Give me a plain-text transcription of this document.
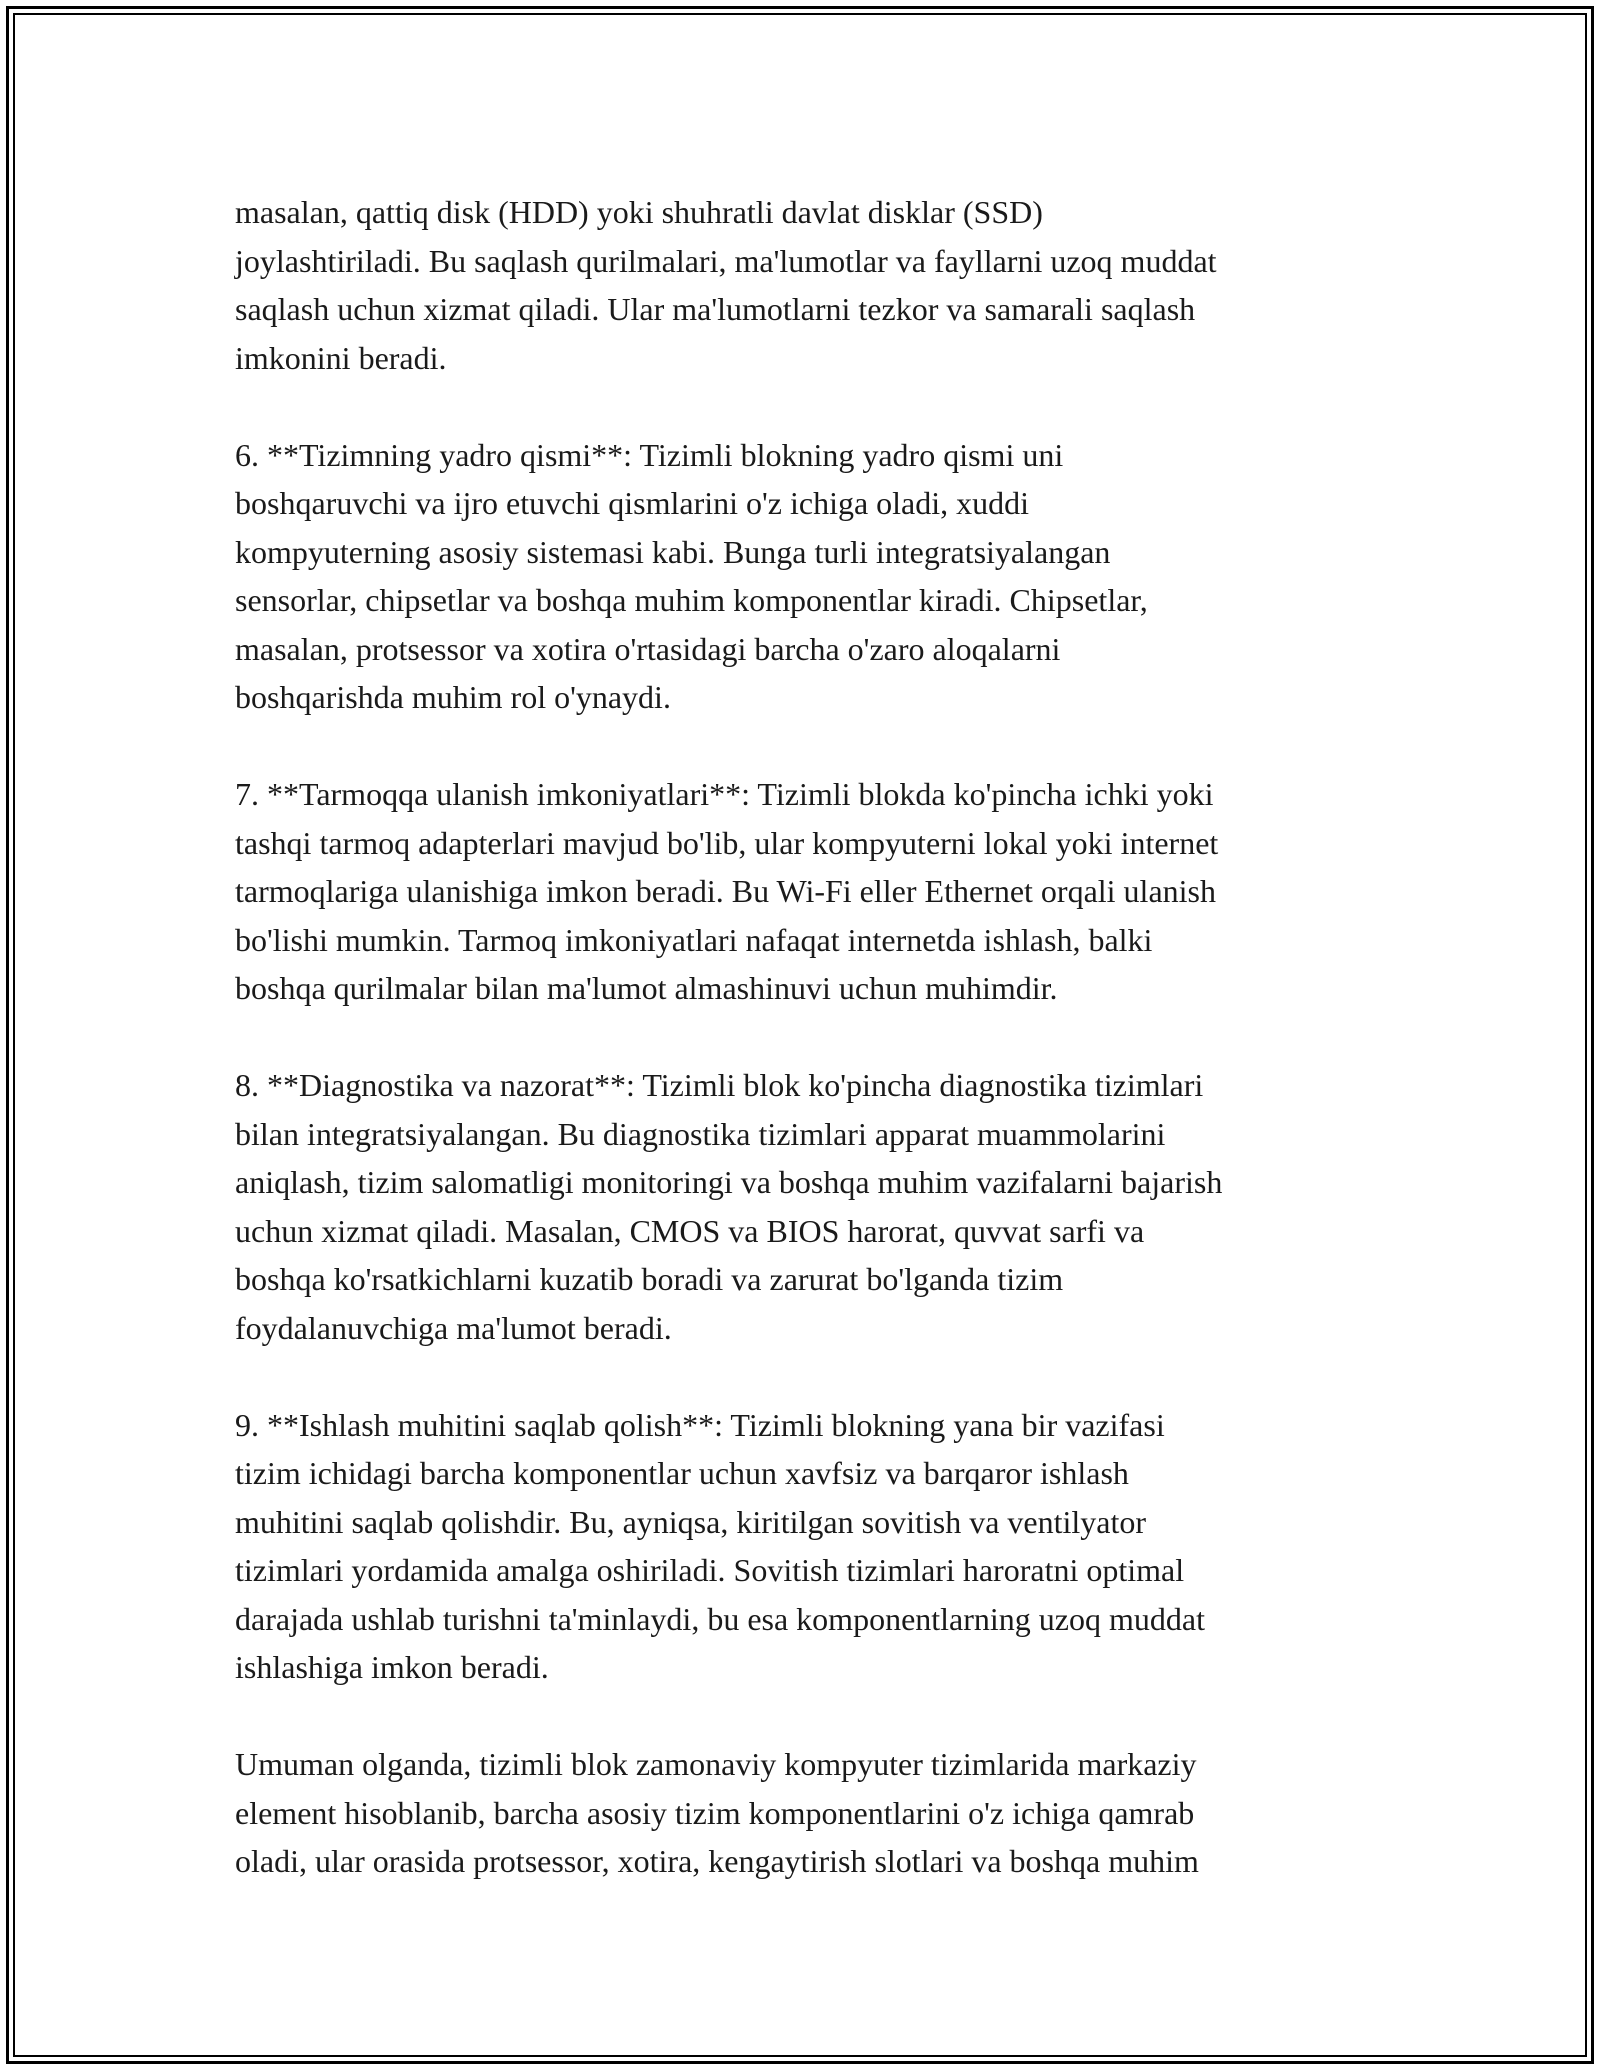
masalan, qattiq disk (HDD) yoki shuhratli davlat disklar (SSD)
joylashtiriladi. Bu saqlash qurilmalari, ma'lumotlar va fayllarni uzoq muddat
saqlash uchun xizmat qiladi. Ular ma'lumotlarni tezkor va samarali saqlash
imkonini beradi.

6. **Tizimning yadro qismi**: Tizimli blokning yadro qismi uni
boshqaruvchi va ijro etuvchi qismlarini o'z ichiga oladi, xuddi
kompyuterning asosiy sistemasi kabi. Bunga turli integratsiyalangan
sensorlar, chipsetlar va boshqa muhim komponentlar kiradi. Chipsetlar,
masalan, protsessor va xotira o'rtasidagi barcha o'zaro aloqalarni
boshqarishda muhim rol o'ynaydi.

7. **Tarmoqqa ulanish imkoniyatlari**: Tizimli blokda ko'pincha ichki yoki
tashqi tarmoq adapterlari mavjud bo'lib, ular kompyuterni lokal yoki internet
tarmoqlariga ulanishiga imkon beradi. Bu Wi-Fi eller Ethernet orqali ulanish
bo'lishi mumkin. Tarmoq imkoniyatlari nafaqat internetda ishlash, balki
boshqa qurilmalar bilan ma'lumot almashinuvi uchun muhimdir.

8. **Diagnostika va nazorat**: Tizimli blok ko'pincha diagnostika tizimlari
bilan integratsiyalangan. Bu diagnostika tizimlari apparat muammolarini
aniqlash, tizim salomatligi monitoringi va boshqa muhim vazifalarni bajarish
uchun xizmat qiladi. Masalan, CMOS va BIOS harorat, quvvat sarfi va
boshqa ko'rsatkichlarni kuzatib boradi va zarurat bo'lganda tizim
foydalanuvchiga ma'lumot beradi.

9. **Ishlash muhitini saqlab qolish**: Tizimli blokning yana bir vazifasi
tizim ichidagi barcha komponentlar uchun xavfsiz va barqaror ishlash
muhitini saqlab qolishdir. Bu, ayniqsa, kiritilgan sovitish va ventilyator
tizimlari yordamida amalga oshiriladi. Sovitish tizimlari haroratni optimal
darajada ushlab turishni ta'minlaydi, bu esa komponentlarning uzoq muddat
ishlashiga imkon beradi.

Umuman olganda, tizimli blok zamonaviy kompyuter tizimlarida markaziy
element hisoblanib, barcha asosiy tizim komponentlarini o'z ichiga qamrab
oladi, ular orasida protsessor, xotira, kengaytirish slotlari va boshqa muhim
